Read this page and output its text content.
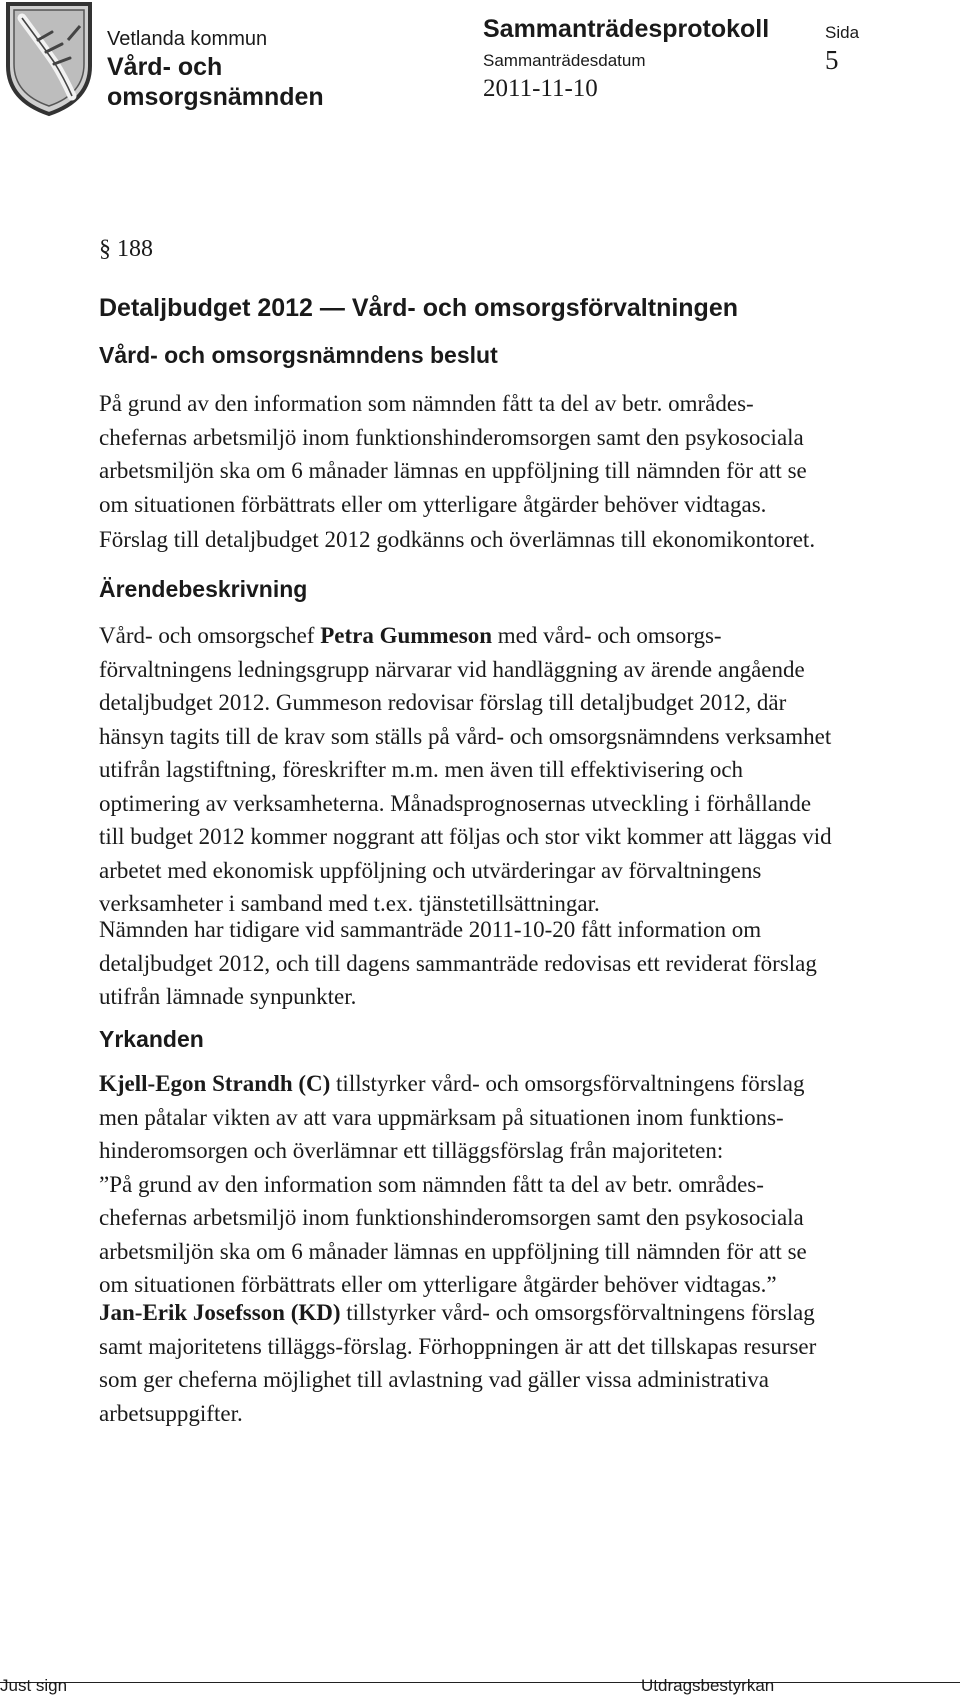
Vetlanda kommun
Vård- och
omsorgsnämnden
Sammanträdesprotokoll
Sammanträdesdatum
2011-11-10
Sida
5
§ 188
Detaljbudget 2012 — Vård- och omsorgsförvaltningen
Vård- och omsorgsnämndens beslut
På grund av den information som nämnden fått ta del av betr. områdes-
chefernas arbetsmiljö inom funktionshinderomsorgen samt den psykosociala
arbetsmiljön ska om 6 månader lämnas en uppföljning till nämnden för att se
om situationen förbättrats eller om ytterligare åtgärder behöver vidtagas.
Förslag till detaljbudget 2012 godkänns och överlämnas till ekonomikontoret.
Ärendebeskrivning
Vård- och omsorgschef Petra Gummeson med vård- och omsorgs-
förvaltningens ledningsgrupp närvarar vid handläggning av ärende angående
detaljbudget 2012. Gummeson redovisar förslag till detaljbudget 2012, där
hänsyn tagits till de krav som ställs på vård- och omsorgsnämndens verksamhet
utifrån lagstiftning, föreskrifter m.m. men även till effektivisering och
optimering av verksamheterna. Månadsprognosernas utveckling i förhållande
till budget 2012 kommer noggrant att följas och stor vikt kommer att läggas vid
arbetet med ekonomisk uppföljning och utvärderingar av förvaltningens
verksamheter i samband med t.ex. tjänstetillsättningar.
Nämnden har tidigare vid sammanträde 2011-10-20 fått information om
detaljbudget 2012, och till dagens sammanträde redovisas ett reviderat förslag
utifrån lämnade synpunkter.
Yrkanden
Kjell-Egon Strandh (C) tillstyrker vård- och omsorgsförvaltningens förslag
men påtalar vikten av att vara uppmärksam på situationen inom funktions-
hinderomsorgen och överlämnar ett tilläggsförslag från majoriteten:
”På grund av den information som nämnden fått ta del av betr. områdes-
chefernas arbetsmiljö inom funktionshinderomsorgen samt den psykosociala
arbetsmiljön ska om 6 månader lämnas en uppföljning till nämnden för att se
om situationen förbättrats eller om ytterligare åtgärder behöver vidtagas.”
Jan-Erik Josefsson (KD) tillstyrker vård- och omsorgsförvaltningens förslag
samt majoritetens tilläggs-förslag. Förhoppningen är att det tillskapas resurser
som ger cheferna möjlighet till avlastning vad gäller vissa administrativa
arbetsuppgifter.
Just sign	Utdragsbestyrkan
